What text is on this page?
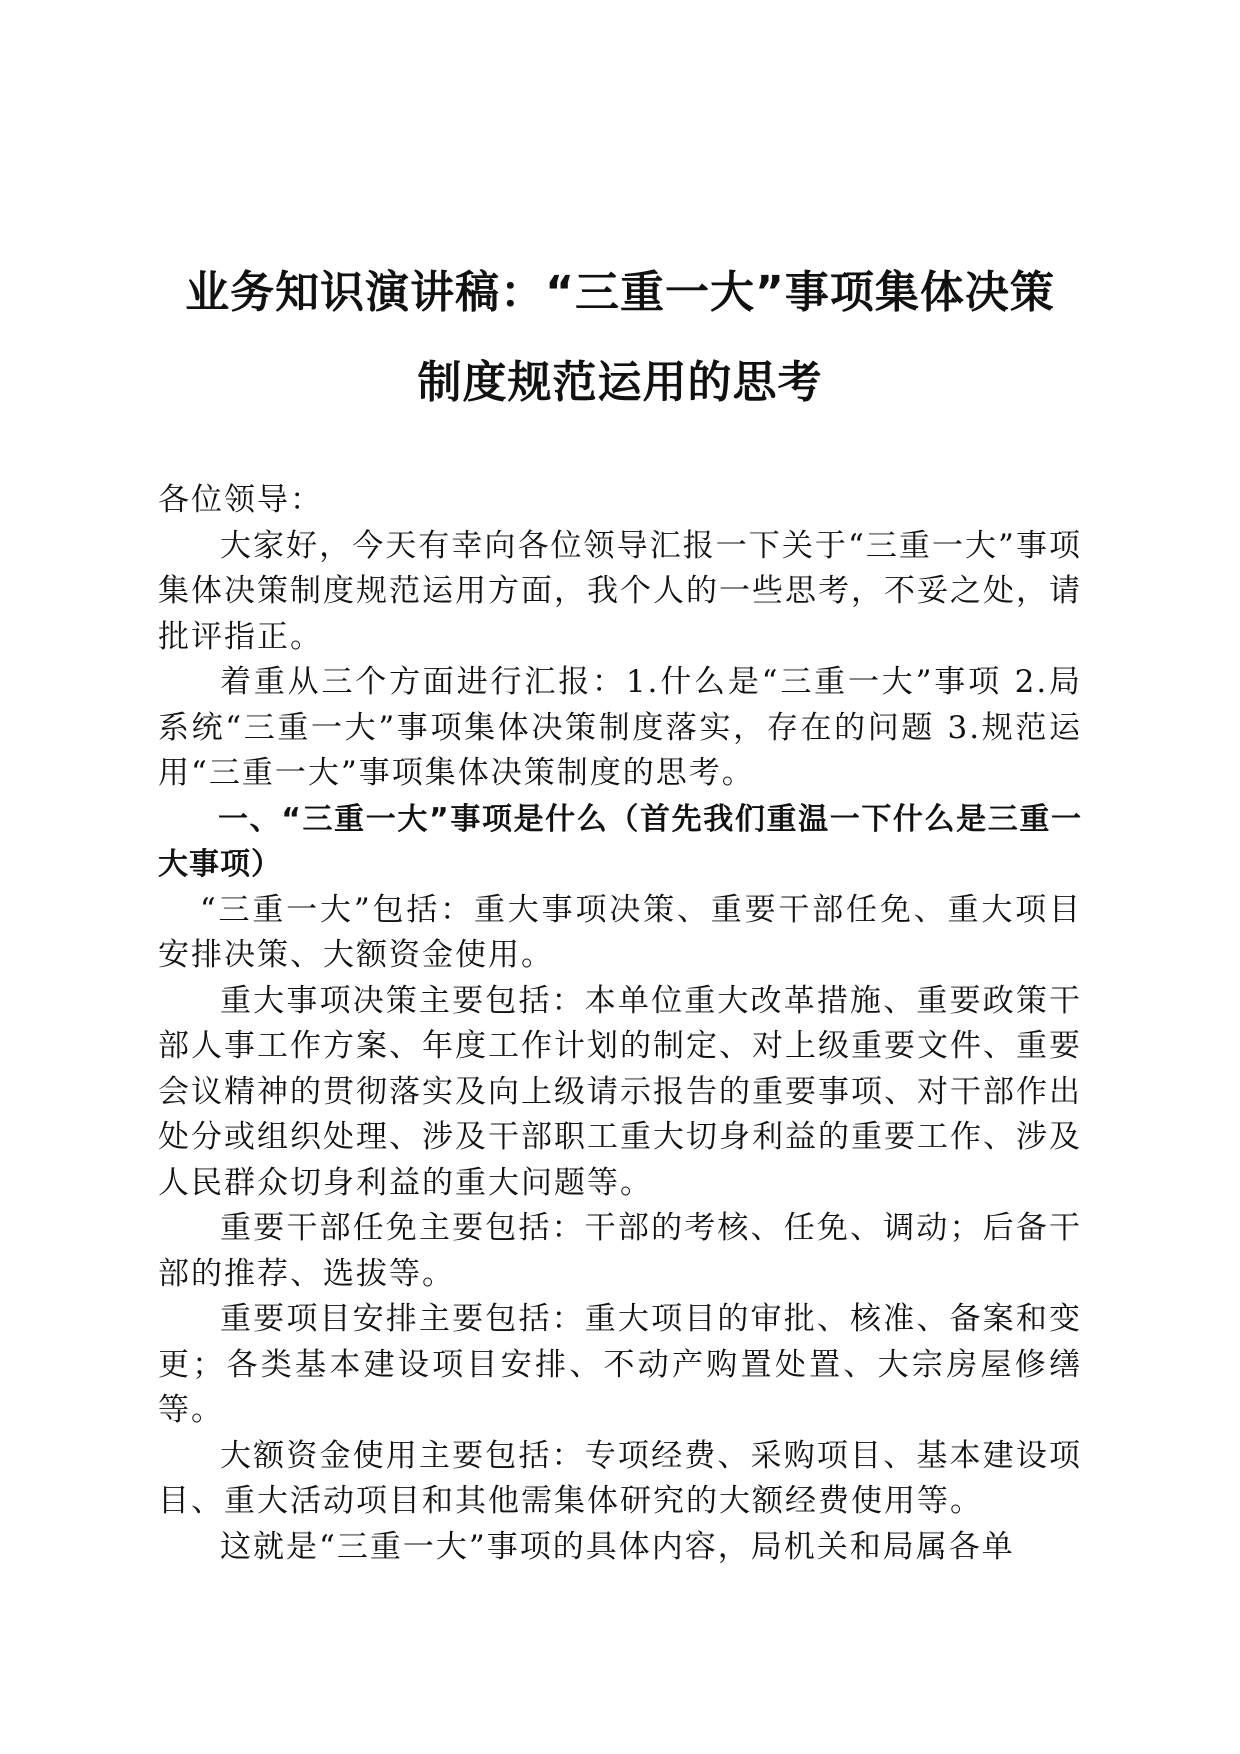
业务知识演讲稿：“三重一大”事项集体决策
制度规范运用的思考

各位领导：

大家好，今天有幸向各位领导汇报一下关于“三重一大”事项集体决策制度规范运用方面，我个人的一些思考，不妥之处，请批评指正。

着重从三个方面进行汇报：1.什么是“三重一大”事项 2.局系统“三重一大”事项集体决策制度落实，存在的问题 3.规范运用“三重一大”事项集体决策制度的思考。

一、“三重一大”事项是什么（首先我们重温一下什么是三重一大事项）

“三重一大”包括：重大事项决策、重要干部任免、重大项目安排决策、大额资金使用。

重大事项决策主要包括：本单位重大改革措施、重要政策干部人事工作方案、年度工作计划的制定、对上级重要文件、重要会议精神的贯彻落实及向上级请示报告的重要事项、对干部作出处分或组织处理、涉及干部职工重大切身利益的重要工作、涉及人民群众切身利益的重大问题等。

重要干部任免主要包括：干部的考核、任免、调动；后备干部的推荐、选拔等。

重要项目安排主要包括：重大项目的审批、核准、备案和变更；各类基本建设项目安排、不动产购置处置、大宗房屋修缮等。

大额资金使用主要包括：专项经费、采购项目、基本建设项目、重大活动项目和其他需集体研究的大额经费使用等。

这就是“三重一大”事项的具体内容，局机关和局属各单
